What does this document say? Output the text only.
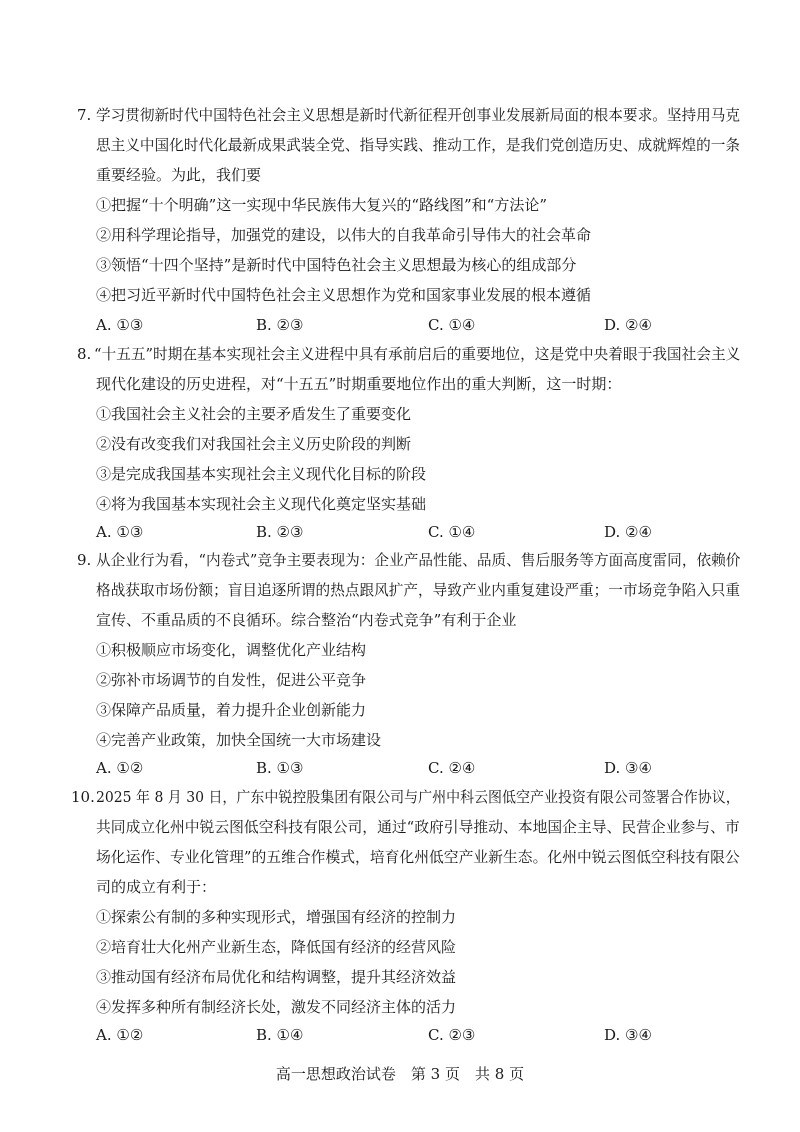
7. 学习贯彻新时代中国特色社会主义思想是新时代新征程开创事业发展新局面的根本要求。坚持用马克
思主义中国化时代化最新成果武装全党、指导实践、推动工作，是我们党创造历史、成就辉煌的一条
重要经验。为此，我们要
①把握“十个明确”这一实现中华民族伟大复兴的“路线图”和“方法论”
②用科学理论指导，加强党的建设，以伟大的自我革命引导伟大的社会革命
③领悟“十四个坚持”是新时代中国特色社会主义思想最为核心的组成部分
④把习近平新时代中国特色社会主义思想作为党和国家事业发展的根本遵循
A. ①③	B. ②③	C. ①④	D. ②④
8. “十五五”时期在基本实现社会主义进程中具有承前启后的重要地位，这是党中央着眼于我国社会主义
现代化建设的历史进程，对“十五五”时期重要地位作出的重大判断，这一时期：
①我国社会主义社会的主要矛盾发生了重要变化
②没有改变我们对我国社会主义历史阶段的判断
③是完成我国基本实现社会主义现代化目标的阶段
④将为我国基本实现社会主义现代化奠定坚实基础
A. ①③	B. ②③	C. ①④	D. ②④
9. 从企业行为看，“内卷式”竞争主要表现为：企业产品性能、品质、售后服务等方面高度雷同，依赖价
格战获取市场份额；盲目追逐所谓的热点跟风扩产，导致产业内重复建设严重；一市场竞争陷入只重
宣传、不重品质的不良循环。综合整治“内卷式竞争”有利于企业
①积极顺应市场变化，调整优化产业结构
②弥补市场调节的自发性，促进公平竞争
③保障产品质量，着力提升企业创新能力
④完善产业政策，加快全国统一大市场建设
A. ①②	B. ①③	C. ②④	D. ③④
10. 2025 年 8 月 30 日，广东中锐控股集团有限公司与广州中科云图低空产业投资有限公司签署合作协议，
共同成立化州中锐云图低空科技有限公司，通过“政府引导推动、本地国企主导、民营企业参与、市
场化运作、专业化管理”的五维合作模式，培育化州低空产业新生态。化州中锐云图低空科技有限公
司的成立有利于：
①探索公有制的多种实现形式，增强国有经济的控制力
②培育壮大化州产业新生态，降低国有经济的经营风险
③推动国有经济布局优化和结构调整，提升其经济效益
④发挥多种所有制经济长处，激发不同经济主体的活力
A. ①②	B. ①④	C. ②③	D. ③④
高一思想政治试卷　第 3 页　共 8 页
